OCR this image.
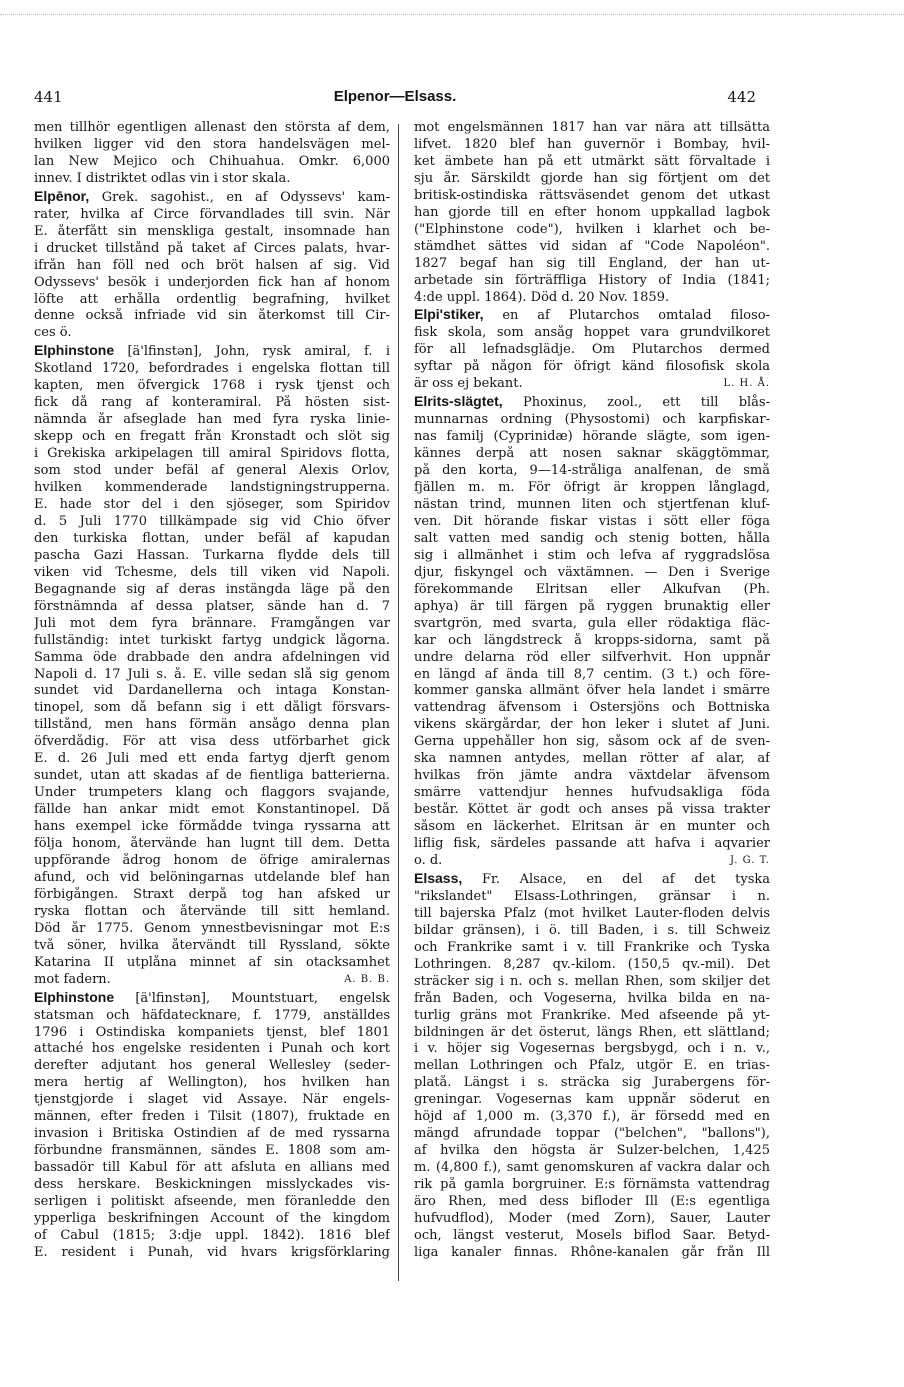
441	Elpenor—Elsass.	442
men tillhör egentligen allenast den största af dem,
hvilken ligger vid den stora handelsvägen mel-
lan New Mejico och Chihuahua. Omkr. 6,000
innev. I distriktet odlas vin i stor skala.
Elpēnor, Grek. sagohist., en af Odyssevs' kam-
rater, hvilka af Circe förvandlades till svin. När
E. återfått sin menskliga gestalt, insomnade han
i drucket tillstånd på taket af Circes palats, hvar-
ifrån han föll ned och bröt halsen af sig. Vid
Odyssevs' besök i underjorden fick han af honom
löfte att erhålla ordentlig begrafning, hvilket
denne också infriade vid sin återkomst till Cir-
ces ö.
Elphinstone [ä'lfinstən], John, rysk amiral, f. i
Skotland 1720, befordrades i engelska flottan till
kapten, men öfvergick 1768 i rysk tjenst och
fick då rang af konteramiral. På hösten sist-
nämnda år afseglade han med fyra ryska linie-
skepp och en fregatt från Kronstadt och slöt sig
i Grekiska arkipelagen till amiral Spiridovs flotta,
som stod under befäl af general Alexis Orlov,
hvilken kommenderade landstigningstrupperna.
E. hade stor del i den sjöseger, som Spiridov
d. 5 Juli 1770 tillkämpade sig vid Chio öfver
den turkiska flottan, under befäl af kapudan
pascha Gazi Hassan. Turkarna flydde dels till
viken vid Tchesme, dels till viken vid Napoli.
Begagnande sig af deras instängda läge på den
förstnämnda af dessa platser, sände han d. 7
Juli mot dem fyra brännare. Framgången var
fullständig: intet turkiskt fartyg undgick lågorna.
Samma öde drabbade den andra afdelningen vid
Napoli d. 17 Juli s. å. E. ville sedan slå sig genom
sundet vid Dardanellerna och intaga Konstan-
tinopel, som då befann sig i ett dåligt försvars-
tillstånd, men hans förmän ansågo denna plan
öfverdådig. För att visa dess utförbarhet gick
E. d. 26 Juli med ett enda fartyg djerft genom
sundet, utan att skadas af de fientliga batterierna.
Under trumpeters klang och flaggors svajande,
fällde han ankar midt emot Konstantinopel. Då
hans exempel icke förmådde tvinga ryssarna att
följa honom, återvände han lugnt till dem. Detta
uppförande ådrog honom de öfrige amiralernas
afund, och vid belöningarnas utdelande blef han
förbigången. Straxt derpå tog han afsked ur
ryska flottan och återvände till sitt hemland.
Död år 1775. Genom ynnestbevisningar mot E:s
två söner, hvilka återvändt till Ryssland, sökte
Katarina II utplåna minnet af sin otacksamhet
mot fadern.	A. B. B.
Elphinstone [ä'lfinstən], Mountstuart, engelsk
statsman och häfdatecknare, f. 1779, anställdes
1796 i Ostindiska kompaniets tjenst, blef 1801
attaché hos engelske residenten i Punah och kort
derefter adjutant hos general Wellesley (seder-
mera hertig af Wellington), hos hvilken han
tjenstgjorde i slaget vid Assaye. När engels-
männen, efter freden i Tilsit (1807), fruktade en
invasion i Britiska Ostindien af de med ryssarna
förbundne fransmännen, sändes E. 1808 som am-
bassadör till Kabul för att afsluta en allians med
dess herskare. Beskickningen misslyckades vis-
serligen i politiskt afseende, men föranledde den
ypperliga beskrifningen Account of the kingdom
of Cabul (1815; 3:dje uppl. 1842). 1816 blef
E. resident i Punah, vid hvars krigsförklaring
mot engelsmännen 1817 han var nära att tillsätta
lifvet. 1820 blef han guvernör i Bombay, hvil-
ket ämbete han på ett utmärkt sätt förvaltade i
sju år. Särskildt gjorde han sig förtjent om det
britisk-ostindiska rättsväsendet genom det utkast
han gjorde till en efter honom uppkallad lagbok
("Elphinstone code"), hvilken i klarhet och be-
stämdhet sättes vid sidan af "Code Napoléon".
1827 begaf han sig till England, der han ut-
arbetade sin förträffliga History of India (1841;
4:de uppl. 1864). Död d. 20 Nov. 1859.
Elpi'stiker, en af Plutarchos omtalad filoso-
fisk skola, som ansåg hoppet vara grundvilkoret
för all lefnadsglädje. Om Plutarchos dermed
syftar på någon för öfrigt känd filosofisk skola
är oss ej bekant.	L. H. Å.
Elrits-slägtet, Phoxinus, zool., ett till blås-
munnarnas ordning (Physostomi) och karpfiskar-
nas familj (Cyprinidæ) hörande slägte, som igen-
kännes derpå att nosen saknar skäggtömmar,
på den korta, 9—14-stråliga analfenan, de små
fjällen m. m. För öfrigt är kroppen långlagd,
nästan trind, munnen liten och stjertfenan kluf-
ven. Dit hörande fiskar vistas i sött eller föga
salt vatten med sandig och stenig botten, hålla
sig i allmänhet i stim och lefva af ryggradslösa
djur, fiskyngel och växtämnen. — Den i Sverige
förekommande Elritsan eller Alkufvan (Ph.
aphya) är till färgen på ryggen brunaktig eller
svartgrön, med svarta, gula eller rödaktiga fläc-
kar och längdstreck å kropps-sidorna, samt på
undre delarna röd eller silfverhvit. Hon uppnår
en längd af ända till 8,7 centim. (3 t.) och före-
kommer ganska allmänt öfver hela landet i smärre
vattendrag äfvensom i Östersjöns och Bottniska
vikens skärgårdar, der hon leker i slutet af Juni.
Gerna uppehåller hon sig, såsom ock af de sven-
ska namnen antydes, mellan rötter af alar, af
hvilkas frön jämte andra växtdelar äfvensom
smärre vattendjur hennes hufvudsakliga föda
består. Köttet är godt och anses på vissa trakter
såsom en läckerhet. Elritsan är en munter och
liflig fisk, särdeles passande att hafva i aqvarier
o. d.	J. G. T.
Elsass, Fr. Alsace, en del af det tyska
"rikslandet" Elsass-Lothringen, gränsar i n.
till bajerska Pfalz (mot hvilket Lauter-floden delvis
bildar gränsen), i ö. till Baden, i s. till Schweiz
och Frankrike samt i v. till Frankrike och Tyska
Lothringen. 8,287 qv.-kilom. (150,5 qv.-mil). Det
sträcker sig i n. och s. mellan Rhen, som skiljer det
från Baden, och Vogeserna, hvilka bilda en na-
turlig gräns mot Frankrike. Med afseende på yt-
bildningen är det österut, längs Rhen, ett slättland;
i v. höjer sig Vogesernas bergsbygd, och i n. v.,
mellan Lothringen och Pfalz, utgör E. en trias-
platå. Längst i s. sträcka sig Jurabergens för-
greningar. Vogesernas kam uppnår söderut en
höjd af 1,000 m. (3,370 f.), är försedd med en
mängd afrundade toppar ("belchen", "ballons"),
af hvilka den högsta är Sulzer-belchen, 1,425
m. (4,800 f.), samt genomskuren af vackra dalar och
rik på gamla borgruiner. E:s förnämsta vattendrag
äro Rhen, med dess bifloder Ill (E:s egentliga
hufvudflod), Moder (med Zorn), Sauer, Lauter
och, längst vesterut, Mosels biflod Saar. Betyd-
liga kanaler finnas. Rhône-kanalen går från Ill
